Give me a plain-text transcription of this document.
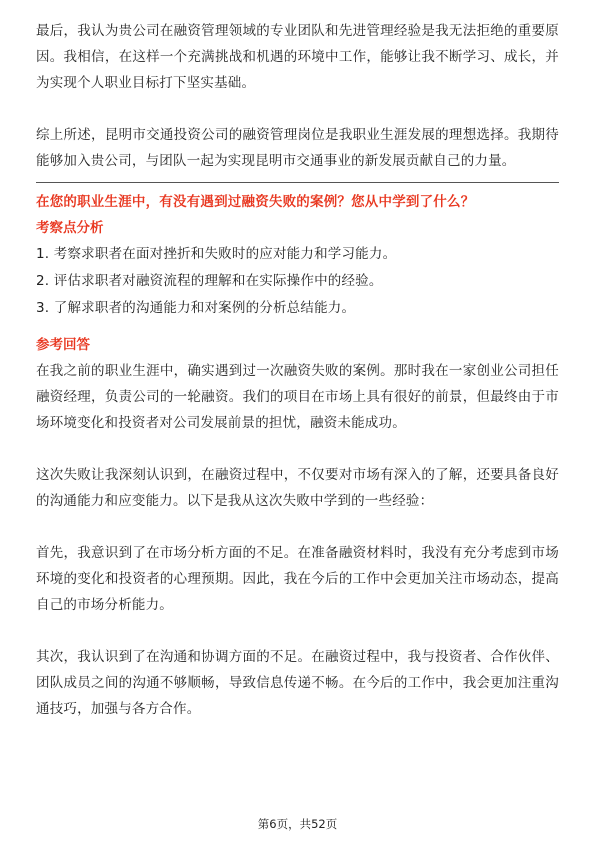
最后，我认为贵公司在融资管理领域的专业团队和先进管理经验是我无法拒绝的重要原因。我相信，在这样一个充满挑战和机遇的环境中工作，能够让我不断学习、成长，并为实现个人职业目标打下坚实基础。

综上所述，昆明市交通投资公司的融资管理岗位是我职业生涯发展的理想选择。我期待能够加入贵公司，与团队一起为实现昆明市交通事业的新发展贡献自己的力量。

在您的职业生涯中，有没有遇到过融资失败的案例？您从中学到了什么？

考察点分析

1. 考察求职者在面对挫折和失败时的应对能力和学习能力。

2. 评估求职者对融资流程的理解和在实际操作中的经验。

3. 了解求职者的沟通能力和对案例的分析总结能力。

参考回答

在我之前的职业生涯中，确实遇到过一次融资失败的案例。那时我在一家创业公司担任融资经理，负责公司的一轮融资。我们的项目在市场上具有很好的前景，但最终由于市场环境变化和投资者对公司发展前景的担忧，融资未能成功。

这次失败让我深刻认识到，在融资过程中，不仅要对市场有深入的了解，还要具备良好的沟通能力和应变能力。以下是我从这次失败中学到的一些经验：

首先，我意识到了在市场分析方面的不足。在准备融资材料时，我没有充分考虑到市场环境的变化和投资者的心理预期。因此，我在今后的工作中会更加关注市场动态，提高自己的市场分析能力。

其次，我认识到了在沟通和协调方面的不足。在融资过程中，我与投资者、合作伙伴、团队成员之间的沟通不够顺畅，导致信息传递不畅。在今后的工作中，我会更加注重沟通技巧，加强与各方合作。

第6页，共52页
